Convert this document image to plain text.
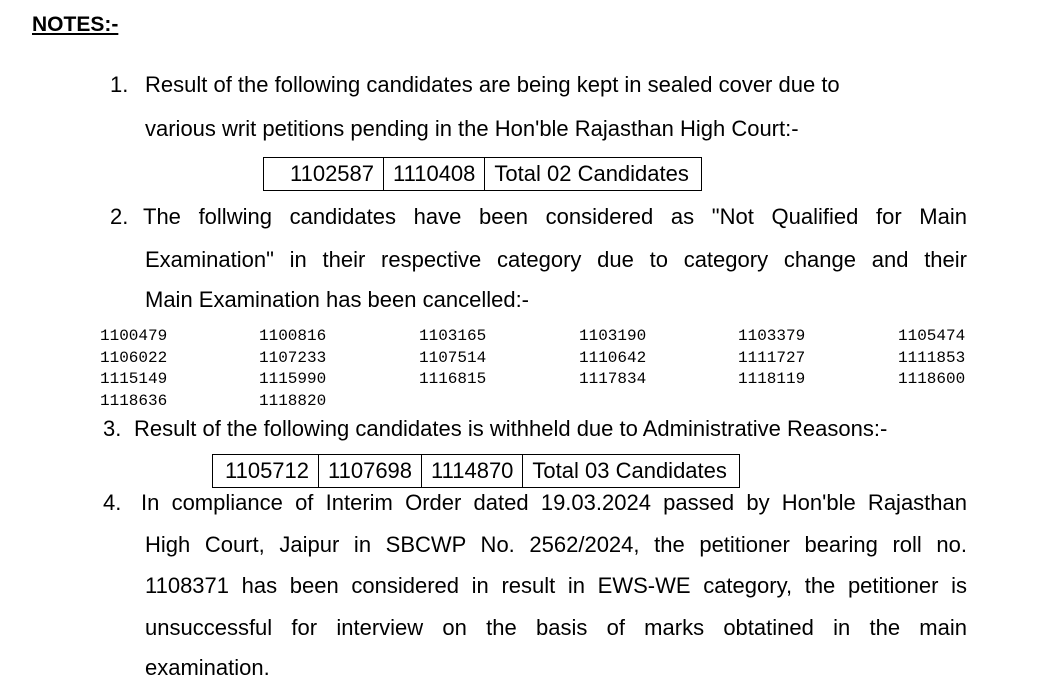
NOTES:-
1. Result of the following candidates are being kept in sealed cover due to
various writ petitions pending in the Hon'ble Rajasthan High Court:-
1102587	1110408	Total 02 Candidates
2. The follwing candidates have been considered as "Not Qualified for Main
Examination" in their respective category due to category change and their
Main Examination has been cancelled:-
1100479	1100816	1103165	1103190	1103379	1105474
1106022	1107233	1107514	1110642	1111727	1111853
1115149	1115990	1116815	1117834	1118119	1118600
1118636	1118820
3. Result of the following candidates is withheld due to Administrative Reasons:-
1105712	1107698	1114870	Total 03 Candidates
4. In compliance of Interim Order dated 19.03.2024 passed by Hon'ble Rajasthan
High Court, Jaipur in SBCWP No. 2562/2024, the petitioner bearing roll no.
1108371 has been considered in result in EWS-WE category, the petitioner is
unsuccessful for interview on the basis of marks obtatined in the main
examination.
